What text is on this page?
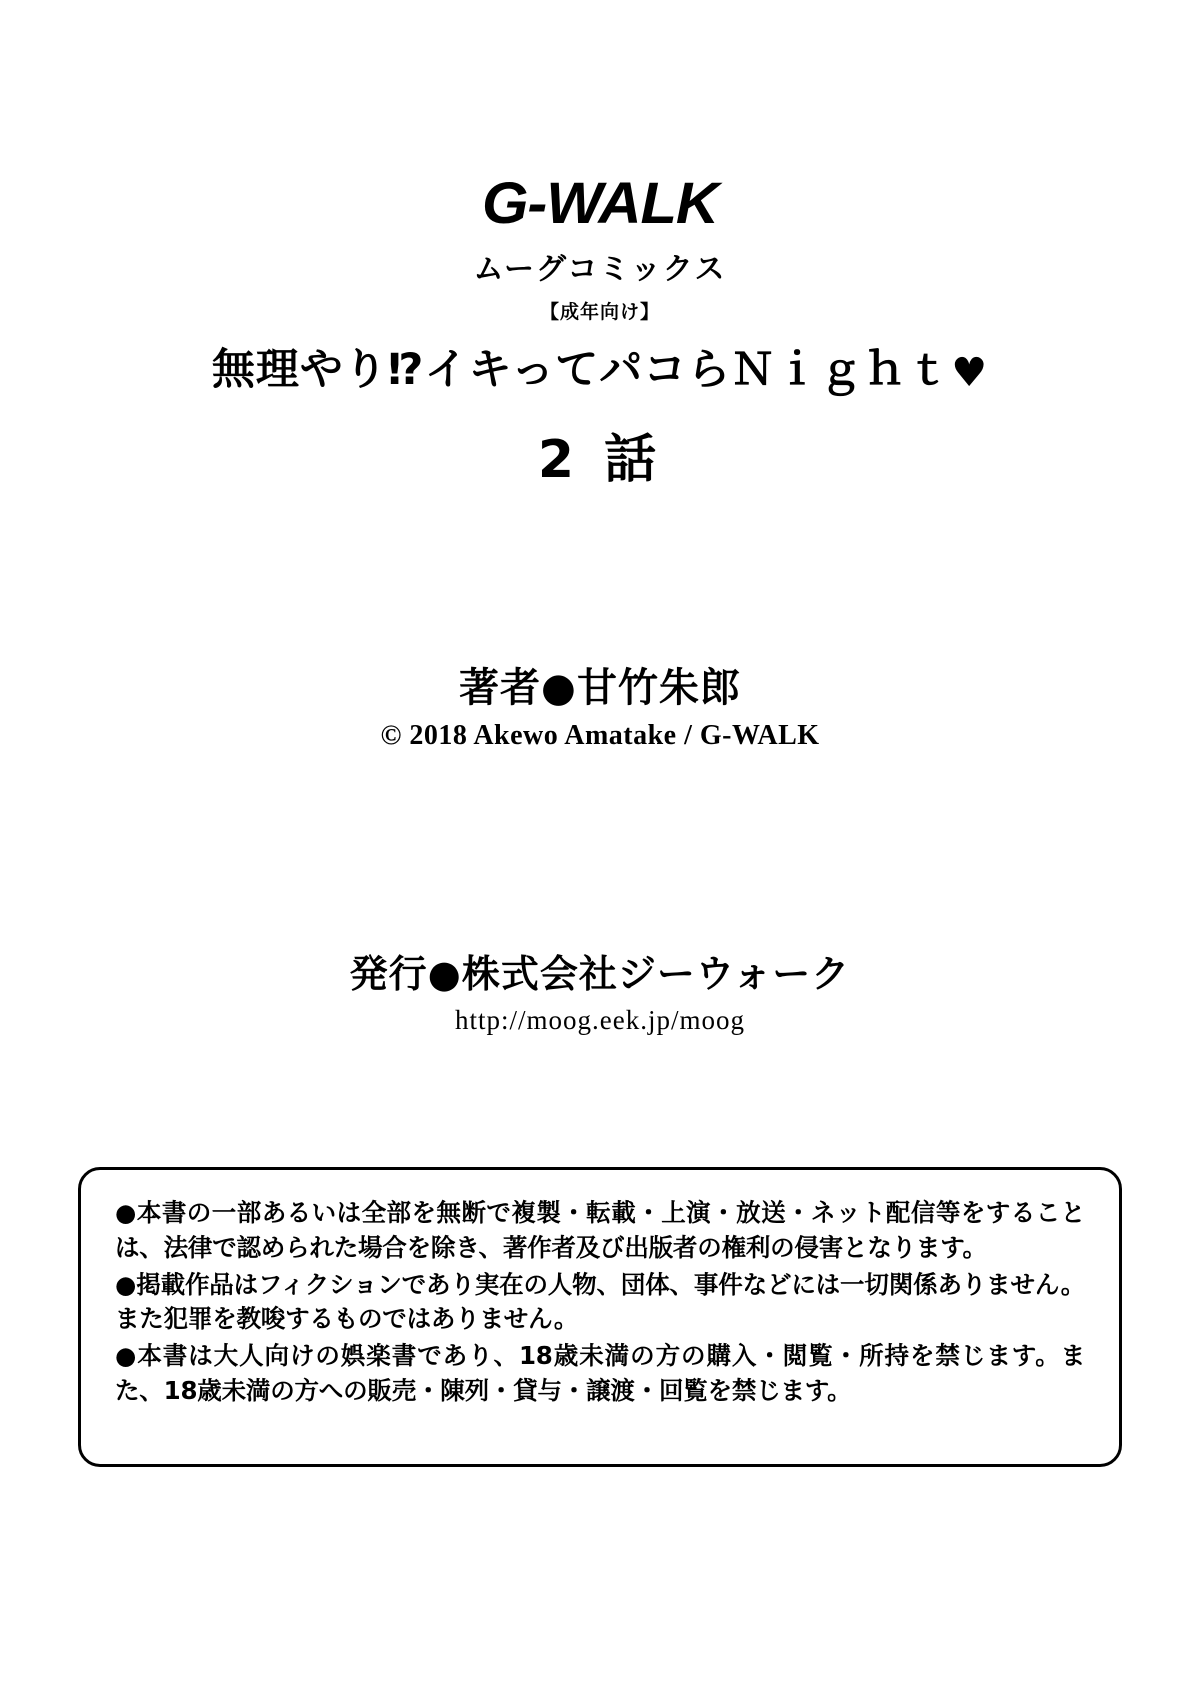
G-WALK
ムーグコミックス
【成年向け】
無理やり⁉イキってパコらＮｉｇｈｔ♥
2 話
著者●甘竹朱郎
© 2018 Akewo Amatake / G-WALK
発行●株式会社ジーウォーク
http://moog.eek.jp/moog

●本書の一部あるいは全部を無断で複製・転載・上演・放送・ネット配信等をすることは、法律で認められた場合を除き、著作者及び出版者の権利の侵害となります。

●掲載作品はフィクションであり実在の人物、団体、事件などには一切関係ありません。また犯罪を教唆するものではありません。

●本書は大人向けの娯楽書であり、18歳未満の方の購入・閲覧・所持を禁じます。また、18歳未満の方への販売・陳列・貸与・譲渡・回覧を禁じます。
